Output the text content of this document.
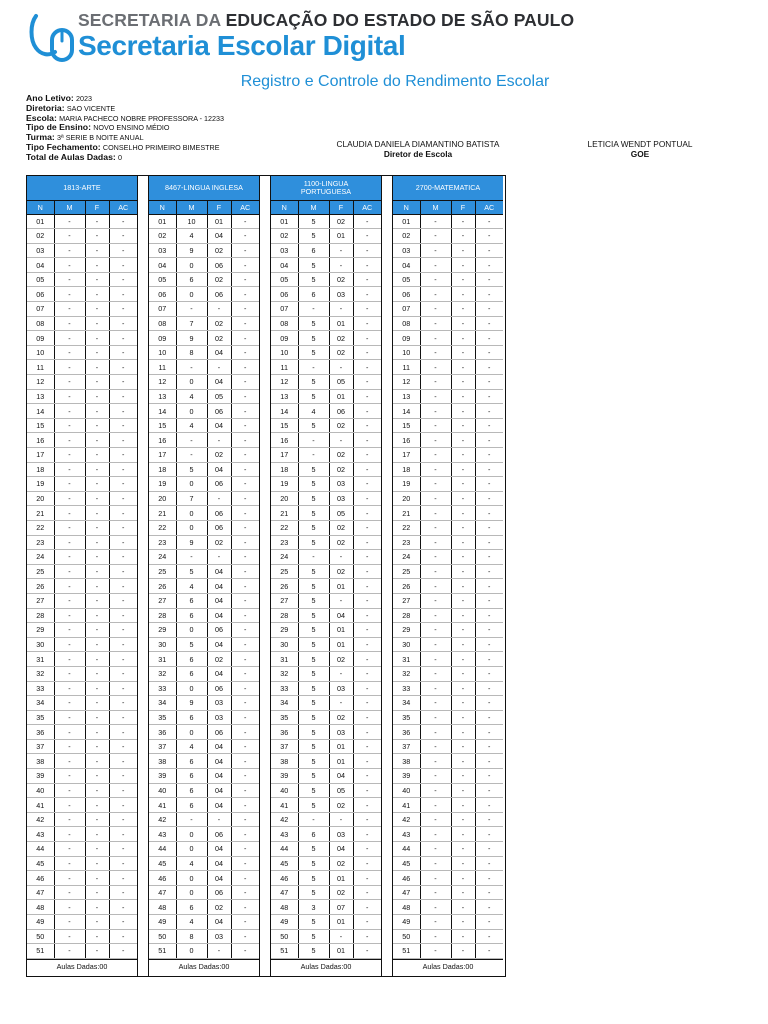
SECRETARIA DA EDUCAÇÃO DO ESTADO DE SÃO PAULO
Secretaria Escolar Digital
Registro e Controle do Rendimento Escolar
Ano Letivo: 2023
Diretoria: SAO VICENTE
Escola: MARIA PACHECO NOBRE PROFESSORA - 12233
Tipo de Ensino: NOVO ENSINO MÉDIO
Turma: 3ª SERIE B NOITE ANUAL
Tipo Fechamento: CONSELHO PRIMEIRO BIMESTRE
Total de Aulas Dadas: 0
CLAUDIA DANIELA DIAMANTINO BATISTA
Diretor de Escola
LETICIA WENDT PONTUAL
GOE
1813-ARTE
N	M	F	AC
01	-	-	-
02	-	-	-
03	-	-	-
04	-	-	-
05	-	-	-
06	-	-	-
07	-	-	-
08	-	-	-
09	-	-	-
10	-	-	-
11	-	-	-
12	-	-	-
13	-	-	-
14	-	-	-
15	-	-	-
16	-	-	-
17	-	-	-
18	-	-	-
19	-	-	-
20	-	-	-
21	-	-	-
22	-	-	-
23	-	-	-
24	-	-	-
25	-	-	-
26	-	-	-
27	-	-	-
28	-	-	-
29	-	-	-
30	-	-	-
31	-	-	-
32	-	-	-
33	-	-	-
34	-	-	-
35	-	-	-
36	-	-	-
37	-	-	-
38	-	-	-
39	-	-	-
40	-	-	-
41	-	-	-
42	-	-	-
43	-	-	-
44	-	-	-
45	-	-	-
46	-	-	-
47	-	-	-
48	-	-	-
49	-	-	-
50	-	-	-
51	-	-	-
Aulas Dadas:00
8467-LINGUA INGLESA
N	M	F	AC
01	10	01	-
02	4	04	-
03	9	02	-
04	0	06	-
05	6	02	-
06	0	06	-
07	-	-	-
08	7	02	-
09	9	02	-
10	8	04	-
11	-	-	-
12	0	04	-
13	4	05	-
14	0	06	-
15	4	04	-
16	-	-	-
17	-	02	-
18	5	04	-
19	0	06	-
20	7	-	-
21	0	06	-
22	0	06	-
23	9	02	-
24	-	-	-
25	5	04	-
26	4	04	-
27	6	04	-
28	6	04	-
29	0	06	-
30	5	04	-
31	6	02	-
32	6	04	-
33	0	06	-
34	9	03	-
35	6	03	-
36	0	06	-
37	4	04	-
38	6	04	-
39	6	04	-
40	6	04	-
41	6	04	-
42	-	-	-
43	0	06	-
44	0	04	-
45	4	04	-
46	0	04	-
47	0	06	-
48	6	02	-
49	4	04	-
50	8	03	-
51	0	-	-
Aulas Dadas:00
1100-LINGUA PORTUGUESA
N	M	F	AC
01	5	02	-
02	5	01	-
03	6	-	-
04	5	-	-
05	5	02	-
06	6	03	-
07	-	-	-
08	5	01	-
09	5	02	-
10	5	02	-
11	-	-	-
12	5	05	-
13	5	01	-
14	4	06	-
15	5	02	-
16	-	-	-
17	-	02	-
18	5	02	-
19	5	03	-
20	5	03	-
21	5	05	-
22	5	02	-
23	5	02	-
24	-	-	-
25	5	02	-
26	5	01	-
27	5	-	-
28	5	04	-
29	5	01	-
30	5	01	-
31	5	02	-
32	5	-	-
33	5	03	-
34	5	-	-
35	5	02	-
36	5	03	-
37	5	01	-
38	5	01	-
39	5	04	-
40	5	05	-
41	5	02	-
42	-	-	-
43	6	03	-
44	5	04	-
45	5	02	-
46	5	01	-
47	5	02	-
48	3	07	-
49	5	01	-
50	5	-	-
51	5	01	-
Aulas Dadas:00
2700-MATEMATICA
N	M	F	AC
01	-	-	-
02	-	-	-
03	-	-	-
04	-	-	-
05	-	-	-
06	-	-	-
07	-	-	-
08	-	-	-
09	-	-	-
10	-	-	-
11	-	-	-
12	-	-	-
13	-	-	-
14	-	-	-
15	-	-	-
16	-	-	-
17	-	-	-
18	-	-	-
19	-	-	-
20	-	-	-
21	-	-	-
22	-	-	-
23	-	-	-
24	-	-	-
25	-	-	-
26	-	-	-
27	-	-	-
28	-	-	-
29	-	-	-
30	-	-	-
31	-	-	-
32	-	-	-
33	-	-	-
34	-	-	-
35	-	-	-
36	-	-	-
37	-	-	-
38	-	-	-
39	-	-	-
40	-	-	-
41	-	-	-
42	-	-	-
43	-	-	-
44	-	-	-
45	-	-	-
46	-	-	-
47	-	-	-
48	-	-	-
49	-	-	-
50	-	-	-
51	-	-	-
Aulas Dadas:00
